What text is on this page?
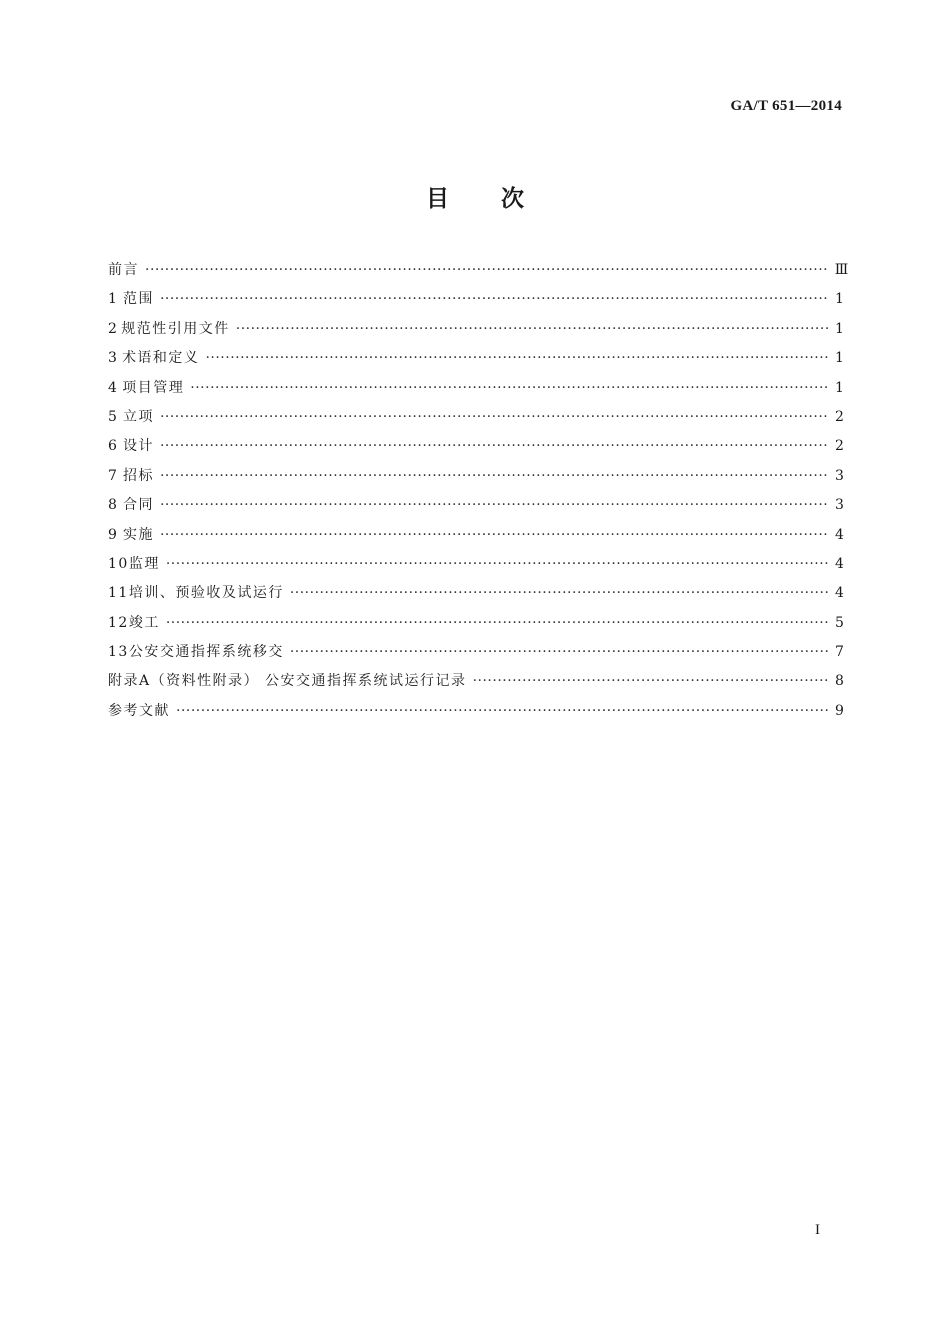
GA/T 651—2014
目 次
前言 ·····	Ⅲ
1 范围 ·····	1
2 规范性引用文件 ·····	1
3 术语和定义 ·····	1
4 项目管理 ·····	1
5 立项 ·····	2
6 设计 ·····	2
7 招标 ·····	3
8 合同 ·····	3
9 实施 ·····	4
10 监理 ·····	4
11 培训、预验收及试运行 ·····	4
12 竣工 ·····	5
13 公安交通指挥系统移交 ·····	7
附录A（资料性附录） 公安交通指挥系统试运行记录 ·····	8
参考文献 ·····	9
I
